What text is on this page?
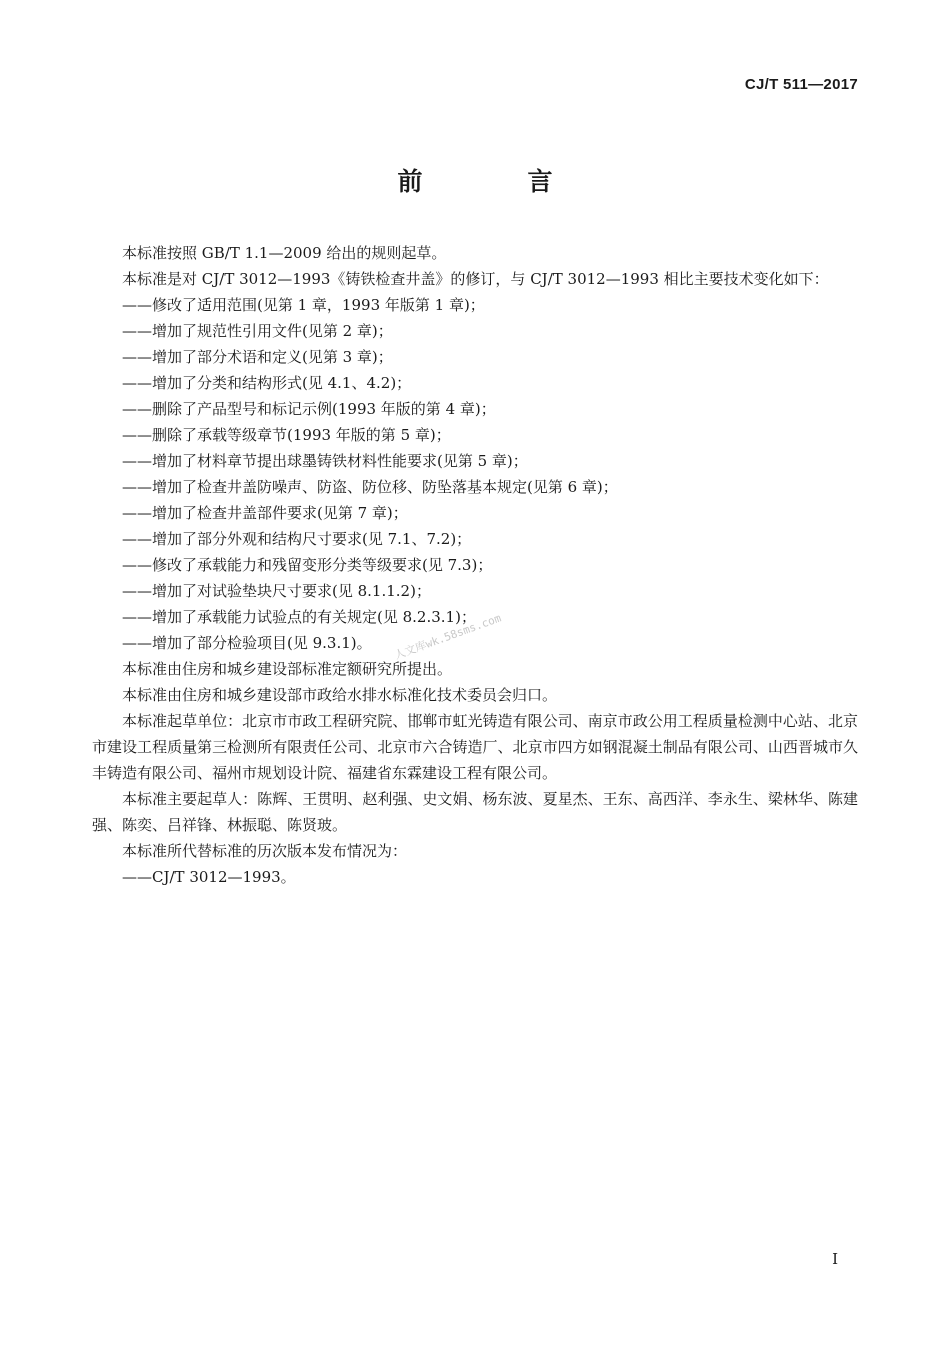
CJ/T 511—2017
前　言

本标准按照 GB/T 1.1—2009 给出的规则起草。

本标准是对 CJ/T 3012—1993《铸铁检查井盖》的修订，与 CJ/T 3012—1993 相比主要技术变化如下：

——修改了适用范围(见第 1 章，1993 年版第 1 章)；

——增加了规范性引用文件(见第 2 章)；

——增加了部分术语和定义(见第 3 章)；

——增加了分类和结构形式(见 4.1、4.2)；

——删除了产品型号和标记示例(1993 年版的第 4 章)；

——删除了承载等级章节(1993 年版的第 5 章)；

——增加了材料章节提出球墨铸铁材料性能要求(见第 5 章)；

——增加了检查井盖防噪声、防盗、防位移、防坠落基本规定(见第 6 章)；

——增加了检查井盖部件要求(见第 7 章)；

——增加了部分外观和结构尺寸要求(见 7.1、7.2)；

——修改了承载能力和残留变形分类等级要求(见 7.3)；

——增加了对试验垫块尺寸要求(见 8.1.1.2)；

——增加了承载能力试验点的有关规定(见 8.2.3.1)；

——增加了部分检验项目(见 9.3.1)。

本标准由住房和城乡建设部标准定额研究所提出。

本标准由住房和城乡建设部市政给水排水标准化技术委员会归口。

本标准起草单位：北京市市政工程研究院、邯郸市虹光铸造有限公司、南京市政公用工程质量检测中心站、北京市建设工程质量第三检测所有限责任公司、北京市六合铸造厂、北京市四方如钢混凝土制品有限公司、山西晋城市久丰铸造有限公司、福州市规划设计院、福建省东霖建设工程有限公司。

本标准主要起草人：陈辉、王贯明、赵利强、史文娟、杨东波、夏星杰、王东、高西洋、李永生、梁林华、陈建强、陈奕、吕祥锋、林振聪、陈贤玻。

本标准所代替标准的历次版本发布情况为：

——CJ/T 3012—1993。

人文库wk.58sms.com
I
